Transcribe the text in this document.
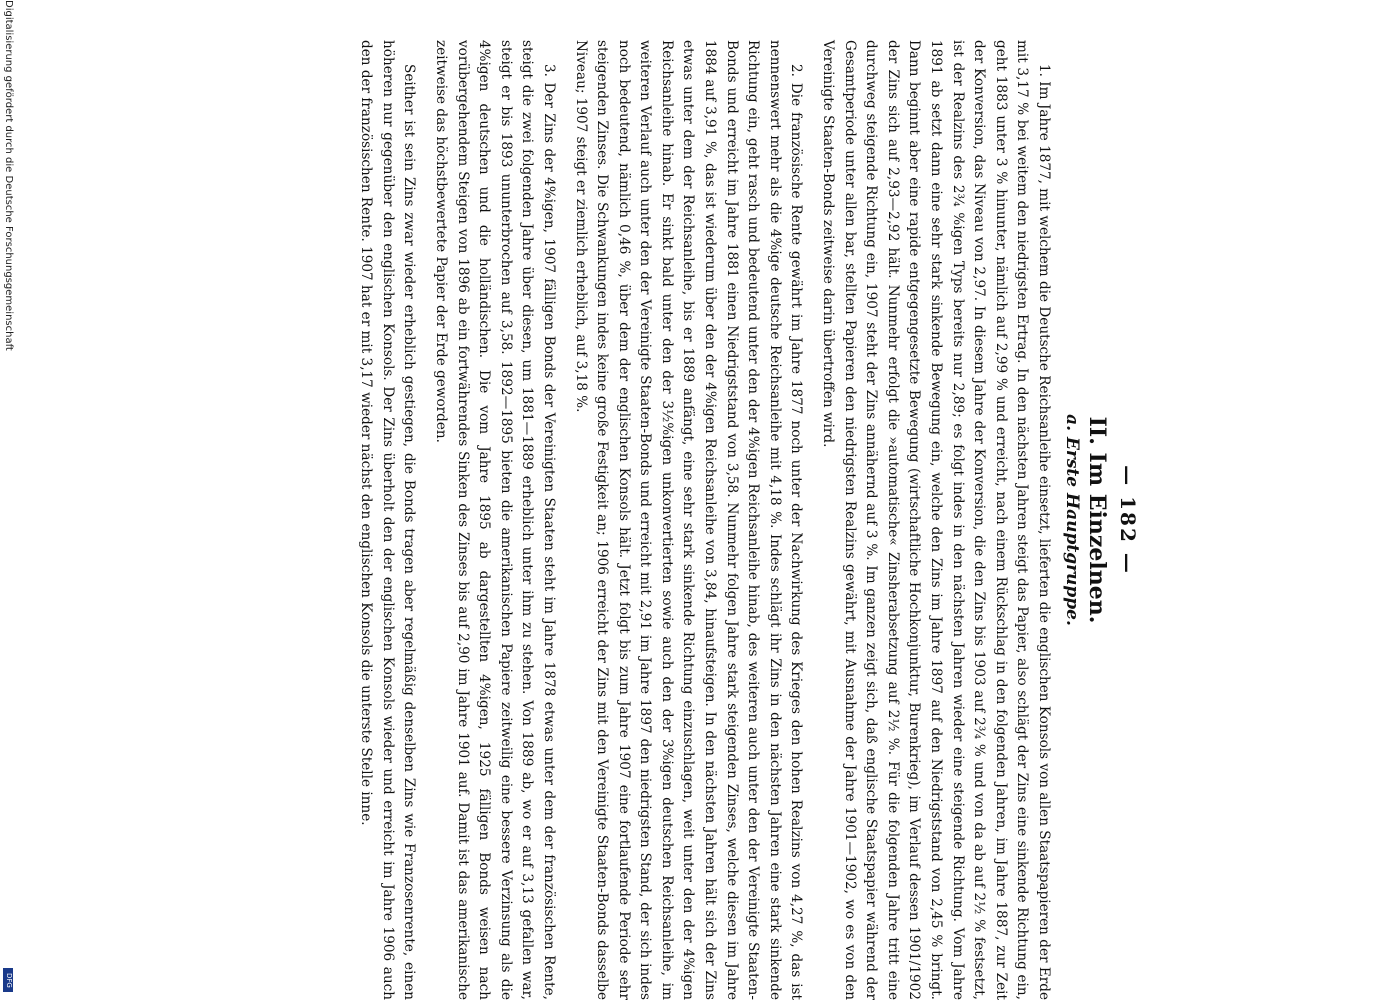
Digitalisierung gefördert durch die Deutsche Forschungsgemeinschaft
DFG
— 182 —
II. Im Einzelnen.
a. Erste Hauptgruppe.

1. Im Jahre 1877, mit welchem die Deutsche Reichsanleihe einsetzt, lieferten die englischen Konsols von allen Staatspapieren der Erde mit 3,17 % bei weitem den niedrigsten Ertrag. In den nächsten Jahren steigt das Papier, also schlägt der Zins eine sinkende Richtung ein, geht 1883 unter 3 % hinunter, nämlich auf 2,99 % und erreicht, nach einem Rückschlag in den folgenden Jahren, im Jahre 1887, zur Zeit der Konversion, das Niveau von 2,97. In diesem Jahre der Konversion, die den Zins bis 1903 auf 2¾ % und von da ab auf 2½ % festsetzt, ist der Realzins des 2¾ %igen Typs bereits nur 2,89; es folgt indes in den nächsten Jahren wieder eine steigende Richtung. Vom Jahre 1891 ab setzt dann eine sehr stark sinkende Bewegung ein, welche den Zins im Jahre 1897 auf den Niedrigststand von 2,45 % bringt. Dann beginnt aber eine rapide entgegengesetzte Bewegung (wirtschaftliche Hochkonjunktur, Burenkrieg), im Verlauf dessen 1901/1902 der Zins sich auf 2,93—2,92 hält. Nunmehr erfolgt die »automatische« Zinsherabsetzung auf 2½ %. Für die folgenden Jahre tritt eine durchweg steigende Richtung ein, 1907 steht der Zins annähernd auf 3 %. Im ganzen zeigt sich, daß englische Staatspapier während der Gesamtperiode unter allen bar, stellten Papieren den niedrigsten Realzins gewährt, mit Ausnahme der Jahre 1901—1902, wo es von den Vereinigte Staaten-Bonds zeitweise darin übertroffen wird.

2. Die französische Rente gewährt im Jahre 1877 noch unter der Nachwirkung des Krieges den hohen Realzins von 4,27 %, das ist nennenswert mehr als die 4%ige deutsche Reichsanleihe mit 4,18 %. Indes schlägt ihr Zins in den nächsten Jahren eine stark sinkende Richtung ein, geht rasch und bedeutend unter den der 4%igen Reichsanleihe hinab, des weiteren auch unter den der Vereinigte Staaten-Bonds und erreicht im Jahre 1881 einen Niedrigststand von 3,58. Nunmehr folgen Jahre stark steigenden Zinses, welche diesen im Jahre 1884 auf 3,91 %, das ist wiederum über den der 4%igen Reichsanleihe von 3,84, hinaufsteigen. In den nächsten Jahren hält sich der Zins etwas unter dem der Reichsanleihe, bis er 1889 anfängt, eine sehr stark sinkende Richtung einzuschlagen, weit unter den der 4%igen Reichsanleihe hinab. Er sinkt bald unter den der 3½%igen unkonvertierten sowie auch den der 3%igen deutschen Reichsanleihe, im weiteren Verlauf auch unter den der Vereinigte Staaten-Bonds und erreicht mit 2,91 im Jahre 1897 den niedrigsten Stand, der sich indes noch bedeutend, nämlich 0,46 %, über dem der englischen Konsols hält. Jetzt folgt bis zum Jahre 1907 eine fortlaufende Periode sehr steigenden Zinses. Die Schwankungen indes keine große Festigkeit an; 1906 erreicht der Zins mit den Vereinigte Staaten-Bonds dasselbe Niveau; 1907 steigt er ziemlich erheblich, auf 3,18 %.

3. Der Zins der 4%igen, 1907 fälligen Bonds der Vereinigten Staaten steht im Jahre 1878 etwas unter dem der französischen Rente, steigt die zwei folgenden Jahre über diesen, um 1881—1889 erheblich unter ihm zu stehen. Von 1889 ab, wo er auf 3,13 gefallen war, steigt er bis 1893 ununterbrochen auf 3,58. 1892—1895 bieten die amerikanischen Papiere zeitweilig eine bessere Verzinsung als die 4%igen deutschen und die holländischen. Die vom Jahre 1895 ab dargestellten 4%igen, 1925 fälligen Bonds weisen nach vorübergehendem Steigen von 1896 ab ein fortwährendes Sinken des Zinses bis auf 2,90 im Jahre 1901 auf. Damit ist das amerikanische zeitweise das höchstbewertete Papier der Erde geworden.

Seither ist sein Zins zwar wieder erheblich gestiegen, die Bonds tragen aber regelmäßig denselben Zins wie Franzosenrente, einen höheren nur gegenüber den englischen Konsols. Der Zins überholt den der englischen Konsols wieder und erreicht im Jahre 1906 auch den der französischen Rente. 1907 hat er mit 3,17 wieder nächst den englischen Konsols die unterste Stelle inne.
